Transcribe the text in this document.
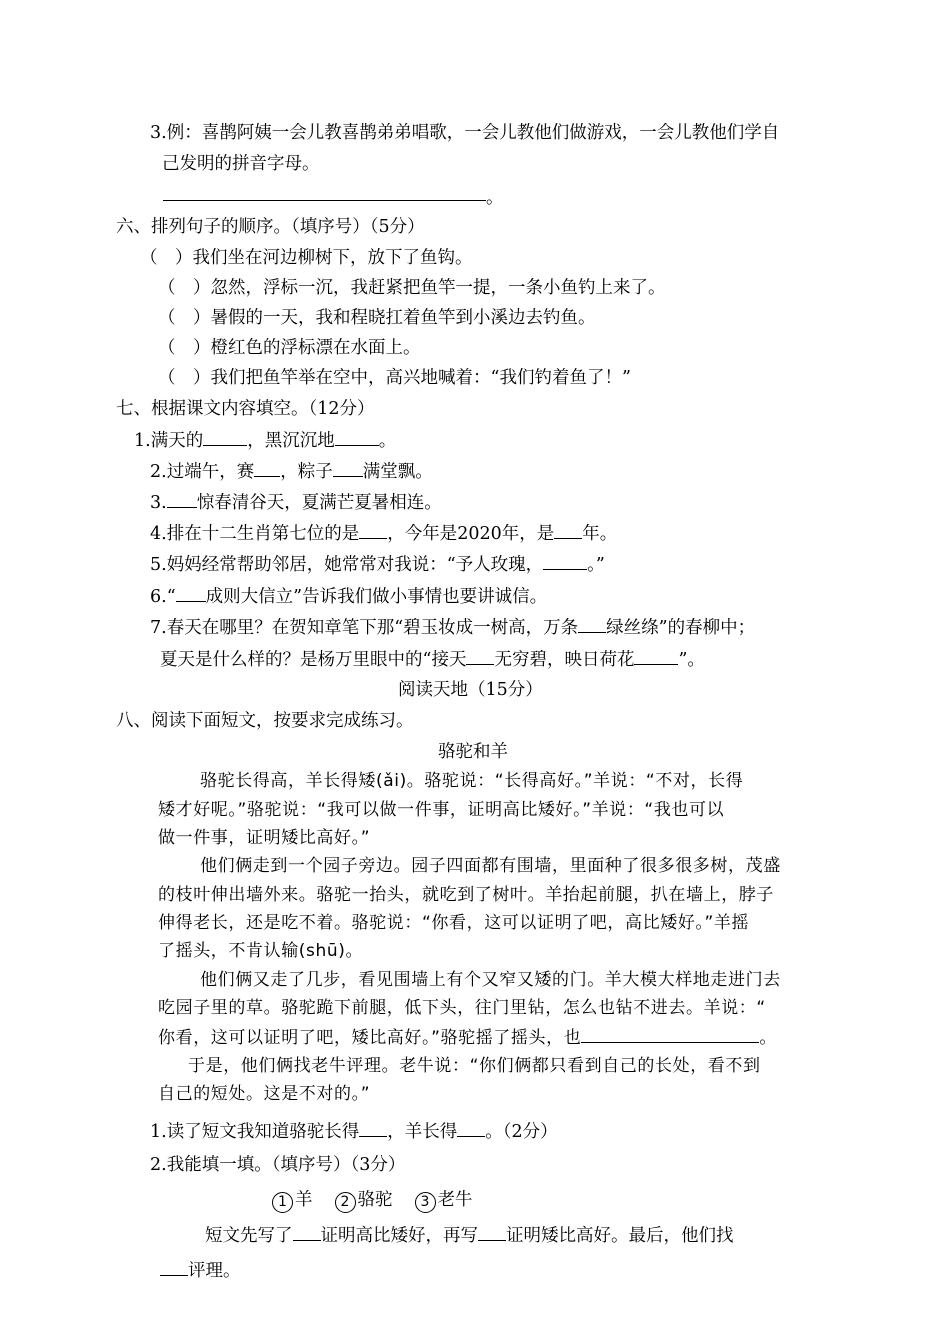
3.例：喜鹊阿姨一会儿教喜鹊弟弟唱歌，一会儿教他们做游戏，一会儿教他们学自
己发明的拼音字母。
。
六、排列句子的顺序。（填序号）（5分）
（　）我们坐在河边柳树下，放下了鱼钩。
（　）忽然，浮标一沉，我赶紧把鱼竿一提，一条小鱼钓上来了。
（　）暑假的一天，我和程晓扛着鱼竿到小溪边去钓鱼。
（　）橙红色的浮标漂在水面上。
（　）我们把鱼竿举在空中，高兴地喊着：“我们钓着鱼了！”
七、根据课文内容填空。（12分）
1.满天的	，黑沉沉地	。
2.过端午，赛 ，粽子 满堂飘。
3. 惊春清谷天，夏满芒夏暑相连。
4.排在十二生肖第七位的是 ，今年是2020年，是 年。
5.妈妈经常帮助邻居，她常常对我说：“予人玫瑰，	。”
6.“ 成则大信立”告诉我们做小事情也要讲诚信。
7.春天在哪里？在贺知章笔下那“碧玉妆成一树高，万条 绿丝绦”的春柳中；
夏天是什么样的？是杨万里眼中的“接天 无穷碧，映日荷花	”。
阅读天地（15分）
八、阅读下面短文，按要求完成练习。
骆驼和羊
骆驼长得高，羊长得矮(ǎi)。骆驼说：“长得高好。”羊说：“不对，长得
矮才好呢。”骆驼说：“我可以做一件事，证明高比矮好。”羊说：“我也可以
做一件事，证明矮比高好。”
他们俩走到一个园子旁边。园子四面都有围墙，里面种了很多很多树，茂盛
的枝叶伸出墙外来。骆驼一抬头，就吃到了树叶。羊抬起前腿，扒在墙上，脖子
伸得老长，还是吃不着。骆驼说：“你看，这可以证明了吧，高比矮好。”羊摇
了摇头，不肯认输(shū)。
他们俩又走了几步，看见围墙上有个又窄又矮的门。羊大模大样地走进门去
吃园子里的草。骆驼跪下前腿，低下头，往门里钻，怎么也钻不进去。羊说：“
你看，这可以证明了吧，矮比高好。”骆驼摇了摇头，也	。
于是，他们俩找老牛评理。老牛说：“你们俩都只看到自己的长处，看不到
自己的短处。这是不对的。”
1.读了短文我知道骆驼长得 ，羊长得 。（2分）
2.我能填一填。（填序号）（3分）
1 羊 2 骆驼 3 老牛
短文先写了 证明高比矮好，再写 证明矮比高好。最后，他们找
评理。
